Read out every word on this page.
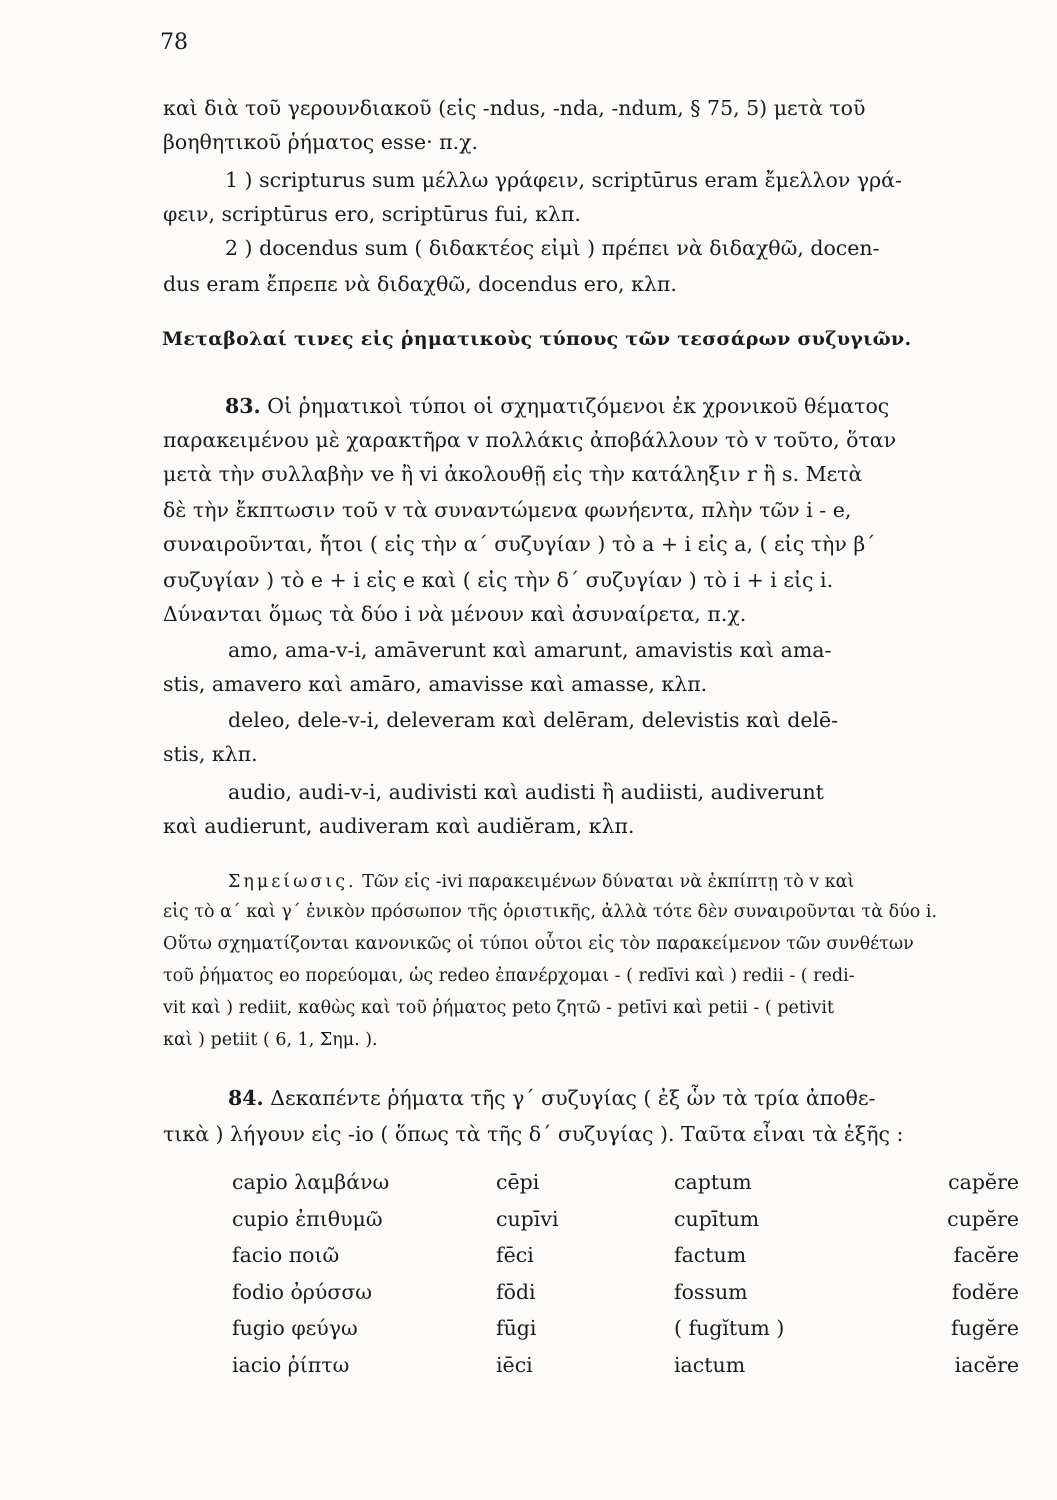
78
καὶ διὰ τοῦ γερουνδιακοῦ (εἰς -ndus, -nda, -ndum, § 75, 5) μετὰ τοῦ
βοηθητικοῦ ῥήματος esse· π.χ.
1 ) scripturus sum μέλλω γράφειν, scriptūrus eram ἔμελλον γρά-
φειν, scriptūrus ero, scriptūrus fui, κλπ.
2 ) docendus sum ( διδακτέος εἰμὶ ) πρέπει νὰ διδαχθῶ, docen-
dus eram ἔπρεπε νὰ διδαχθῶ, docendus ero, κλπ.
Μεταβολαί τινες εἰς ῥηματικοὺς τύπους τῶν τεσσάρων συζυγιῶν.
83. Οἱ ῥηματικοὶ τύποι οἱ σχηματιζόμενοι ἐκ χρονικοῦ θέματος
παρακειμένου μὲ χαρακτῆρα v πολλάκις ἀποβάλλουν τὸ v τοῦτο, ὅταν
μετὰ τὴν συλλαβὴν ve ἢ vi ἀκολουθῇ εἰς τὴν κατάληξιν r ἢ s. Μετὰ
δὲ τὴν ἔκπτωσιν τοῦ v τὰ συναντώμενα φωνήεντα, πλὴν τῶν i - e,
συναιροῦνται, ἤτοι ( εἰς τὴν α΄ συζυγίαν ) τὸ a + i εἰς a, ( εἰς τὴν β΄
συζυγίαν ) τὸ e + i εἰς e καὶ ( εἰς τὴν δ΄ συζυγίαν ) τὸ i + i εἰς i.
Δύνανται ὅμως τὰ δύο i νὰ μένουν καὶ ἀσυναίρετα, π.χ.
amo, ama-v-i, amāverunt καὶ amarunt, amavistis καὶ ama-
stis, amavero καὶ amāro, amavisse καὶ amasse, κλπ.
deleo, dele-v-i, deleveram καὶ delēram, delevistis καὶ delē-
stis, κλπ.
audio, audi-v-i, audivisti καὶ audisti ἢ audiisti, audiverunt
καὶ audierunt, audiveram καὶ audiĕram, κλπ.
Σημείωσις. Τῶν εἰς -ivi παρακειμένων δύναται νὰ ἐκπίπτῃ τὸ v καὶ
εἰς τὸ α΄ καὶ γ΄ ἑνικὸν πρόσωπον τῆς ὁριστικῆς, ἀλλὰ τότε δὲν συναιροῦνται τὰ δύο i.
Οὕτω σχηματίζονται κανονικῶς οἱ τύποι οὗτοι εἰς τὸν παρακείμενον τῶν συνθέτων
τοῦ ῥήματος eo πορεύομαι, ὡς redeo ἐπανέρχομαι - ( redīvi καὶ ) redii - ( redi-
vit καὶ ) rediit, καθὼς καὶ τοῦ ῥήματος peto ζητῶ - petīvi καὶ petii - ( petivit
καὶ ) petiit ( 6, 1, Σημ. ).
84. Δεκαπέντε ῥήματα τῆς γ΄ συζυγίας ( ἐξ ὧν τὰ τρία ἀποθε-
τικὰ ) λήγουν εἰς -io ( ὅπως τὰ τῆς δ΄ συζυγίας ). Ταῦτα εἶναι τὰ ἑξῆς :
capio λαμβάνω	cēpi	captum	capĕre
cupio ἐπιθυμῶ	cupīvi	cupītum	cupĕre
facio ποιῶ	fēci	factum	facĕre
fodio ὀρύσσω	fōdi	fossum	fodĕre
fugio φεύγω	fūgi	( fugĭtum )	fugĕre
iacio ῥίπτω	iēci	iactum	iacĕre
